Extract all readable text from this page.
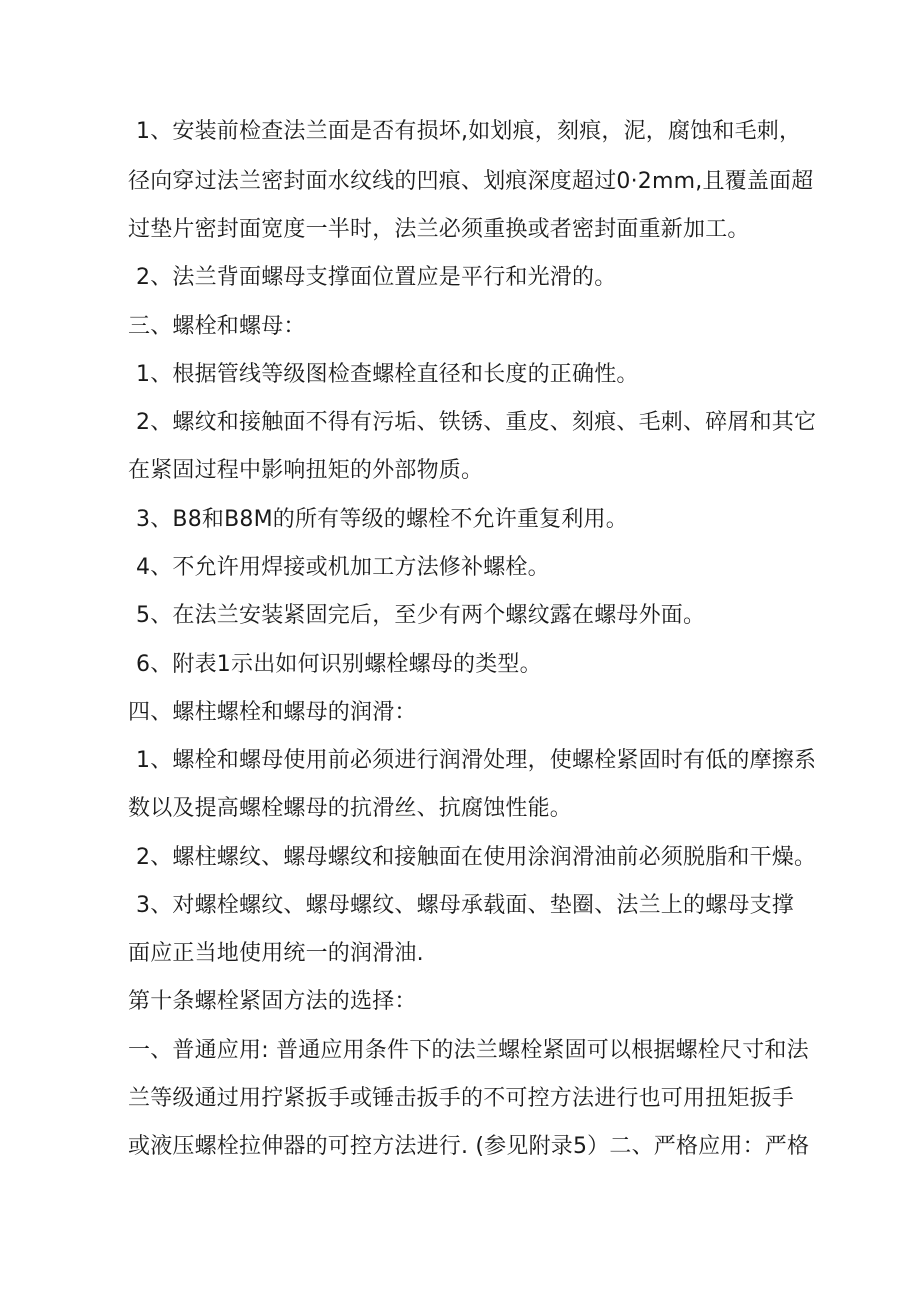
1、安装前检查法兰面是否有损坏,如划痕，刻痕，泥，腐蚀和毛刺，
径向穿过法兰密封面水纹线的凹痕、划痕深度超过0·2mm,且覆盖面超
过垫片密封面宽度一半时，法兰必须重换或者密封面重新加工。
2、法兰背面螺母支撑面位置应是平行和光滑的。
三、螺栓和螺母：
1、根据管线等级图检查螺栓直径和长度的正确性。
2、螺纹和接触面不得有污垢、铁锈、重皮、刻痕、毛刺、碎屑和其它
在紧固过程中影响扭矩的外部物质。
3、B8和B8M的所有等级的螺栓不允许重复利用。
4、不允许用焊接或机加工方法修补螺栓。
5、在法兰安装紧固完后，至少有两个螺纹露在螺母外面。
6、附表1示出如何识别螺栓螺母的类型。
四、螺柱螺栓和螺母的润滑：
1、螺栓和螺母使用前必须进行润滑处理，使螺栓紧固时有低的摩擦系
数以及提高螺栓螺母的抗滑丝、抗腐蚀性能。
2、螺柱螺纹、螺母螺纹和接触面在使用涂润滑油前必须脱脂和干燥。
3、对螺栓螺纹、螺母螺纹、螺母承载面、垫圈、法兰上的螺母支撑
面应正当地使用统一的润滑油.
第十条螺栓紧固方法的选择：
一、普通应用: 普通应用条件下的法兰螺栓紧固可以根据螺栓尺寸和法
兰等级通过用拧紧扳手或锤击扳手的不可控方法进行也可用扭矩扳手
或液压螺栓拉伸器的可控方法进行. (参见附录5）二、严格应用：严格
